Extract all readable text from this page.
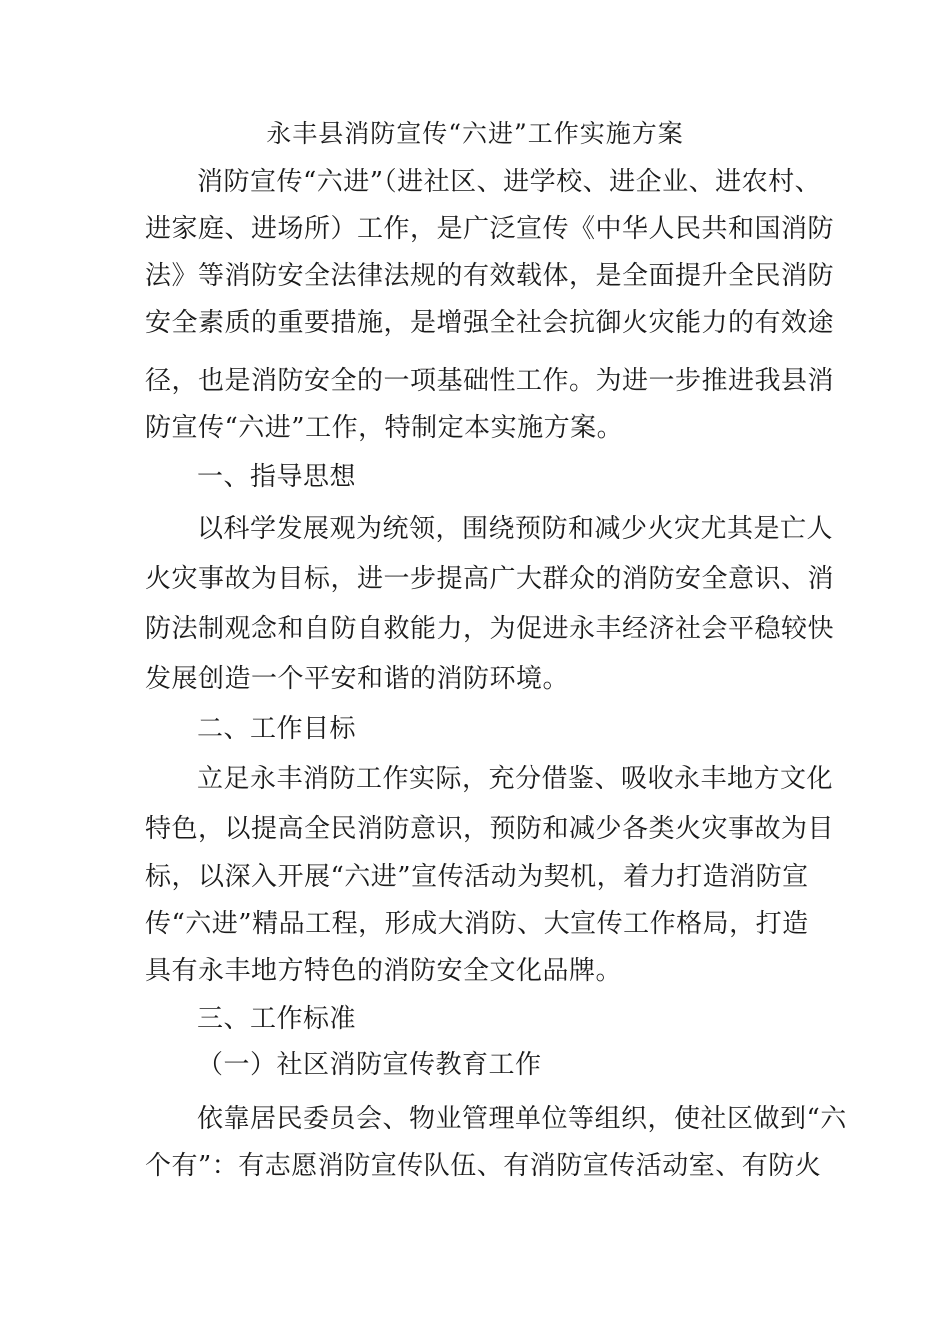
永丰县消防宣传“六进”工作实施方案
消防宣传“六进”（进社区、进学校、进企业、进农村、
进家庭、进场所）工作，是广泛宣传《中华人民共和国消防
法》等消防安全法律法规的有效载体，是全面提升全民消防
安全素质的重要措施，是增强全社会抗御火灾能力的有效途
径，也是消防安全的一项基础性工作。为进一步推进我县消
防宣传“六进”工作，特制定本实施方案。
一、指导思想
以科学发展观为统领，围绕预防和减少火灾尤其是亡人
火灾事故为目标，进一步提高广大群众的消防安全意识、消
防法制观念和自防自救能力，为促进永丰经济社会平稳较快
发展创造一个平安和谐的消防环境。
二、工作目标
立足永丰消防工作实际，充分借鉴、吸收永丰地方文化
特色，以提高全民消防意识，预防和减少各类火灾事故为目
标，以深入开展“六进”宣传活动为契机，着力打造消防宣
传“六进”精品工程，形成大消防、大宣传工作格局，打造
具有永丰地方特色的消防安全文化品牌。
三、工作标准
（一）社区消防宣传教育工作
依靠居民委员会、物业管理单位等组织，使社区做到“六
个有”：有志愿消防宣传队伍、有消防宣传活动室、有防火
